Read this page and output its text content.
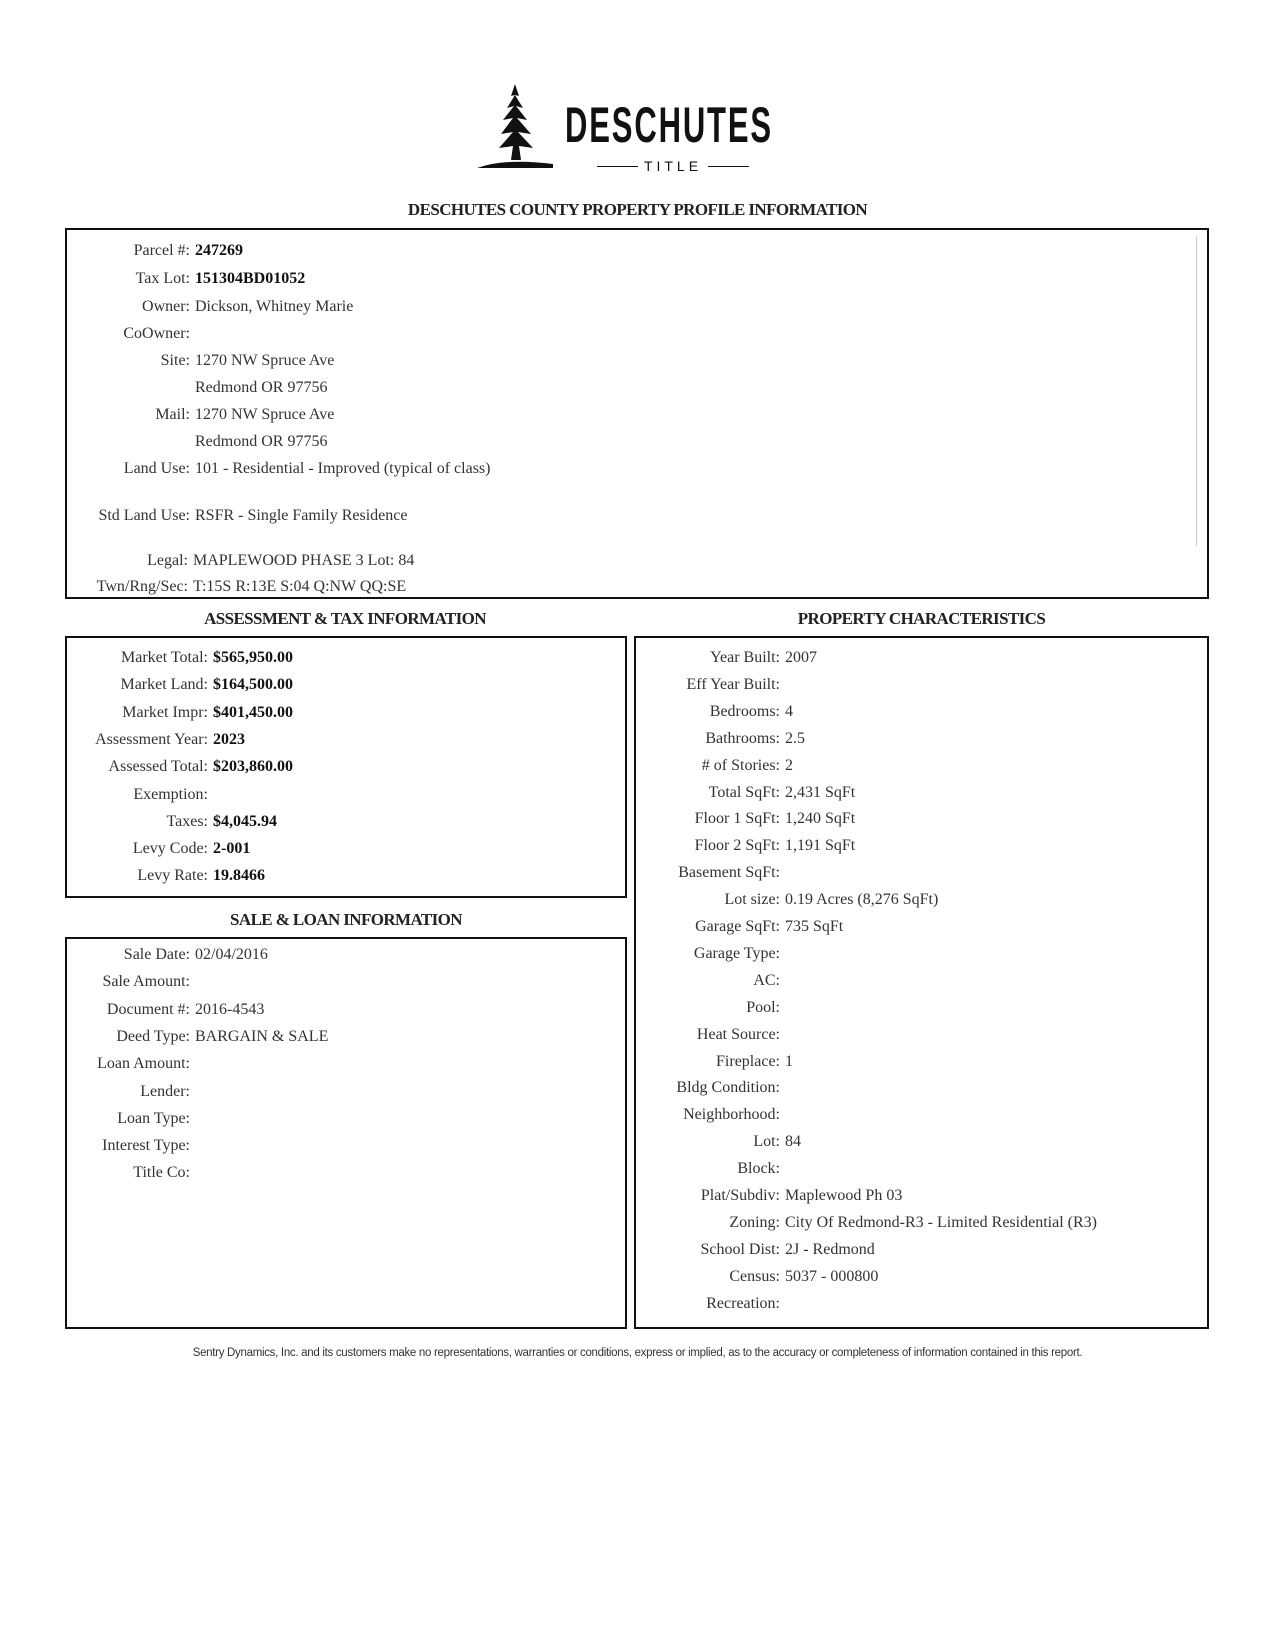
DESCHUTES
TITLE
DESCHUTES COUNTY PROPERTY PROFILE INFORMATION
Parcel #: 247269
Tax Lot: 151304BD01052
Owner: Dickson, Whitney Marie
CoOwner:
Site: 1270 NW Spruce Ave
Redmond OR 97756
Mail: 1270 NW Spruce Ave
Redmond OR 97756
Land Use: 101 - Residential - Improved (typical of class)
Std Land Use: RSFR - Single Family Residence
Legal: MAPLEWOOD PHASE 3 Lot: 84
Twn/Rng/Sec: T:15S R:13E S:04 Q:NW QQ:SE
ASSESSMENT & TAX INFORMATION	PROPERTY CHARACTERISTICS
Market Total: $565,950.00
Market Land: $164,500.00
Market Impr: $401,450.00
Assessment Year: 2023
Assessed Total: $203,860.00
Exemption:
Taxes: $4,045.94
Levy Code: 2-001
Levy Rate: 19.8466
SALE & LOAN INFORMATION
Sale Date: 02/04/2016
Sale Amount:
Document #: 2016-4543
Deed Type: BARGAIN & SALE
Loan Amount:
Lender:
Loan Type:
Interest Type:
Title Co:
Year Built: 2007
Eff Year Built:
Bedrooms: 4
Bathrooms: 2.5
# of Stories: 2
Total SqFt: 2,431 SqFt
Floor 1 SqFt: 1,240 SqFt
Floor 2 SqFt: 1,191 SqFt
Basement SqFt:
Lot size: 0.19 Acres (8,276 SqFt)
Garage SqFt: 735 SqFt
Garage Type:
AC:
Pool:
Heat Source:
Fireplace: 1
Bldg Condition:
Neighborhood:
Lot: 84
Block:
Plat/Subdiv: Maplewood Ph 03
Zoning: City Of Redmond-R3 - Limited Residential (R3)
School Dist: 2J - Redmond
Census: 5037 - 000800
Recreation:
Sentry Dynamics, Inc. and its customers make no representations, warranties or conditions, express or implied, as to the accuracy or completeness of information contained in this report.
